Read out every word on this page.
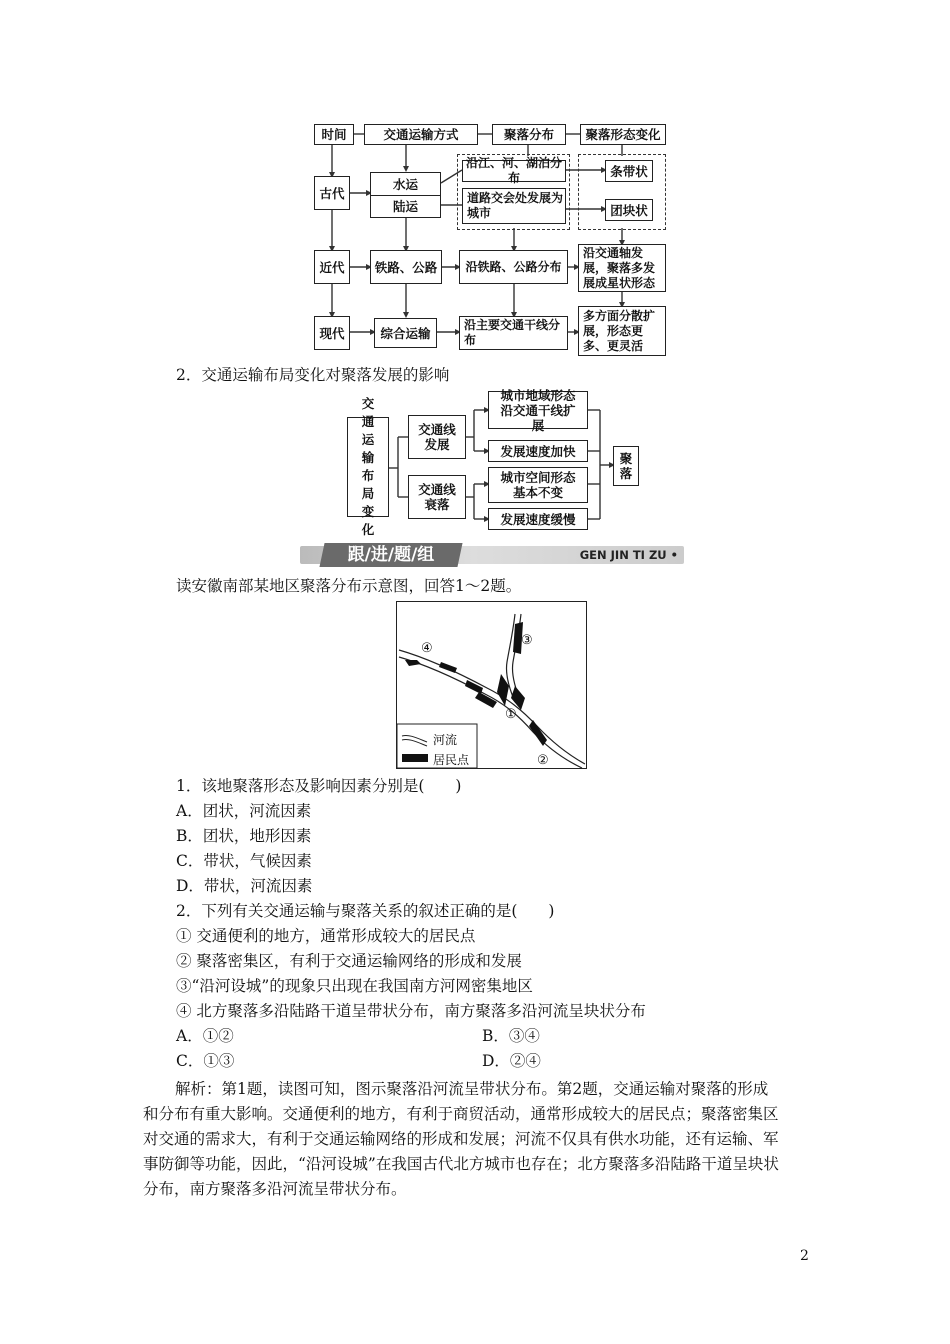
时间	交通运输方式	聚落分布	聚落形态变化
古代
近代
现代
水运
陆运
铁路、公路
综合运输
沿江、河、湖泊分布
道路交会处发展为城市
条带状
团块状
沿铁路、公路分布
沿主要交通干线分布
沿交通轴发展，聚落多发展成星状形态
多方面分散扩展，形态更多、更灵活
2．交通运输布局变化对聚落发展的影响
交通运输布局变化
交通线发展
交通线衰落
城市地域形态沿交通干线扩展
发展速度加快
城市空间形态基本不变
发展速度缓慢
聚落
跟/进/题/组	GEN JIN TI ZU •
读安徽南部某地区聚落分布示意图，回答1～2题。
①
②
③
④
河流
居民点
1．该地聚落形态及影响因素分别是(　　)
A．团状，河流因素
B．团状，地形因素
C．带状，气候因素
D．带状，河流因素
2．下列有关交通运输与聚落关系的叙述正确的是(　　)
① 交通便利的地方，通常形成较大的居民点
② 聚落密集区，有利于交通运输网络的形成和发展
③“沿河设城”的现象只出现在我国南方河网密集地区
④ 北方聚落多沿陆路干道呈带状分布，南方聚落多沿河流呈块状分布
A．①②	B．③④
C．①③	D．②④
解析：第1题，读图可知，图示聚落沿河流呈带状分布。第2题，交通运输对聚落的形成和分布有重大影响。交通便利的地方，有利于商贸活动，通常形成较大的居民点；聚落密集区对交通的需求大，有利于交通运输网络的形成和发展；河流不仅具有供水功能，还有运输、军事防御等功能，因此，“沿河设城”在我国古代北方城市也存在；北方聚落多沿陆路干道呈块状分布，南方聚落多沿河流呈带状分布。
2
